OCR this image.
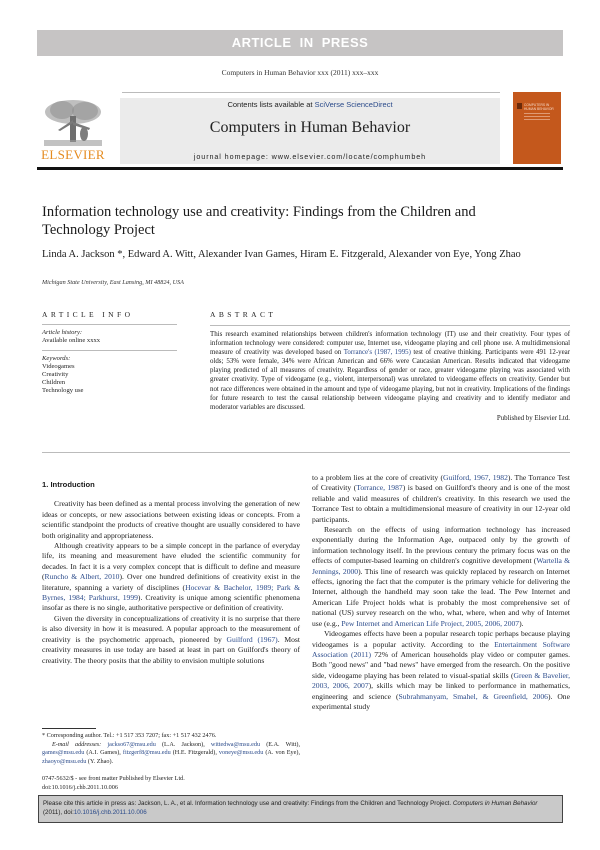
ARTICLE IN PRESS
Computers in Human Behavior xxx (2011) xxx–xxx
ELSEVIER
Contents lists available at SciVerse ScienceDirect
Computers in Human Behavior
journal homepage: www.elsevier.com/locate/comphumbeh
COMPUTERS IN HUMAN BEHAVIOR
Information technology use and creativity: Findings from the Children and Technology Project
Linda A. Jackson *, Edward A. Witt, Alexander Ivan Games, Hiram E. Fitzgerald, Alexander von Eye, Yong Zhao
Michigan State University, East Lansing, MI 48824, USA
ARTICLE INFO
Article history:
Available online xxxx
Keywords:
Videogames
Creativity
Children
Technology use
ABSTRACT

This research examined relationships between children's information technology (IT) use and their creativity. Four types of information technology were considered: computer use, Internet use, videogame playing and cell phone use. A multidimensional measure of creativity was developed based on Torrance's (1987, 1995) test of creative thinking. Participants were 491 12-year olds; 53% were female, 34% were African American and 66% were Caucasian American. Results indicated that videogame playing predicted of all measures of creativity. Regardless of gender or race, greater videogame playing was associated with greater creativity. Type of videogame (e.g., violent, interpersonal) was unrelated to videogame effects on creativity. Gender but not race differences were obtained in the amount and type of videogame playing, but not in creativity. Implications of the findings for future research to test the causal relationship between videogame playing and creativity and to identify mediator and moderator variables are discussed.

Published by Elsevier Ltd.
1. Introduction

Creativity has been defined as a mental process involving the generation of new ideas or concepts, or new associations between existing ideas or concepts. From a scientific standpoint the products of creative thought are usually considered to have both originality and appropriateness.

Although creativity appears to be a simple concept in the parlance of everyday life, its meaning and measurement have eluded the scientific community for decades. In fact it is a very complex concept that is difficult to define and measure (Runcho & Albert, 2010). Over one hundred definitions of creativity exist in the literature, spanning a variety of disciplines (Hocevar & Bachelor, 1989; Park & Byrnes, 1984; Parkhurst, 1999). Creativity is unique among scientific phenomena insofar as there is no single, authoritative perspective or definition of creativity.

Given the diversity in conceptualizations of creativity it is no surprise that there is also diversity in how it is measured. A popular approach to the measurement of creativity is the psychometric approach, pioneered by Guilford (1967). Most creativity measures in use today are based at least in part on Guilford's theory of creativity. The theory posits that the ability to envision multiple solutions

to a problem lies at the core of creativity (Guilford, 1967, 1982). The Torrance Test of Creativity (Torrance, 1987) is based on Guilford's theory and is one of the most reliable and valid measures of children's creativity. In this research we used the Torrance Test to obtain a multidimensional measure of creativity in our 12-year old participants.

Research on the effects of using information technology has increased exponentially during the Information Age, outpaced only by the growth of information technology itself. In the previous century the primary focus was on the effects of computer-based learning on children's cognitive development (Wartella & Jennings, 2000). This line of research was quickly replaced by research on Internet effects, ignoring the fact that the computer is the primary vehicle for delivering the Internet, although the handheld may soon take the lead. The Pew Internet and American Life Project holds what is probably the most comprehensive set of national (US) survey research on the who, what, where, when and why of Internet use (e.g., Pew Internet and American Life Project, 2005, 2006, 2007).

Videogames effects have been a popular research topic perhaps because playing videogames is a popular activity. According to the Entertainment Software Association (2011) 72% of American households play video or computer games. Both "good news" and "bad news" have emerged from the research. On the positive side, videogame playing has been related to visual-spatial skills (Green & Bavelier, 2003, 2006, 2007), skills which may be linked to performance in mathematics, engineering and science (Subrahmanyam, Smahel, & Greenfield, 2006). One experimental study

* Corresponding author. Tel.: +1 517 353 7207; fax: +1 517 432 2476.
E-mail addresses: jackso67@msu.edu (L.A. Jackson), wittedwa@msu.edu (E.A. Witt), games@msu.edu (A.I. Games), fitzgerf8@msu.edu (H.E. Fitzgerald), voneye@msu.edu (A. von Eye), zhaoyo@msu.edu (Y. Zhao).
0747-5632/$ - see front matter Published by Elsevier Ltd.
doi:10.1016/j.chb.2011.10.006
Please cite this article in press as: Jackson, L. A., et al. Information technology use and creativity: Findings from the Children and Technology Project. Computers in Human Behavior (2011), doi:10.1016/j.chb.2011.10.006
